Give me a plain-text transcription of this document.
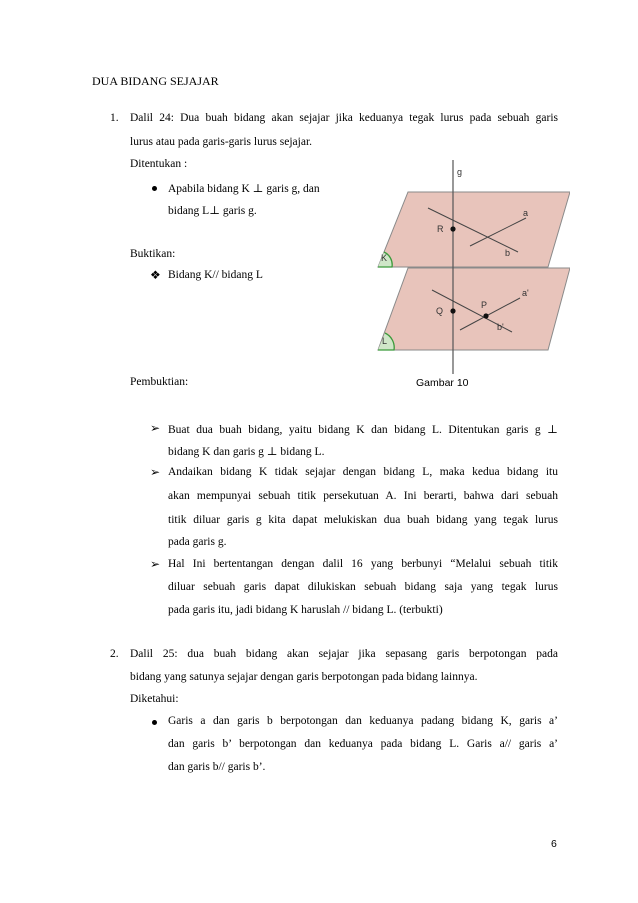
DUA BIDANG SEJAJAR
1. Dalil 24: Dua buah bidang akan sejajar jika keduanya tegak lurus pada sebuah garis
lurus atau pada garis-garis lurus sejajar.
Ditentukan :
Apabila bidang K ⊥ garis g, dan
bidang L⊥ garis g.
Buktikan:
❖ Bidang K// bidang L
g
R
a
b
K
Q
P
a'
b'
L
Pembuktian:	Gambar 10
➢ Buat dua buah bidang, yaitu bidang K dan bidang L. Ditentukan garis g ⊥
bidang K dan garis g ⊥ bidang L.
➢ Andaikan bidang K tidak sejajar dengan bidang L, maka kedua bidang itu
akan mempunyai sebuah titik persekutuan A. Ini berarti, bahwa dari sebuah
titik diluar garis g kita dapat melukiskan dua buah bidang yang tegak lurus
pada garis g.
➢ Hal Ini bertentangan dengan dalil 16 yang berbunyi “Melalui sebuah titik
diluar sebuah garis dapat dilukiskan sebuah bidang saja yang tegak lurus
pada garis itu, jadi bidang K haruslah // bidang L. (terbukti)
2. Dalil 25: dua buah bidang akan sejajar jika sepasang garis berpotongan pada
bidang yang satunya sejajar dengan garis berpotongan pada bidang lainnya.
Diketahui:
Garis a dan garis b berpotongan dan keduanya padang bidang K, garis a’
dan garis b’ berpotongan dan keduanya pada bidang L. Garis a// garis a’
dan garis b// garis b’.
6
